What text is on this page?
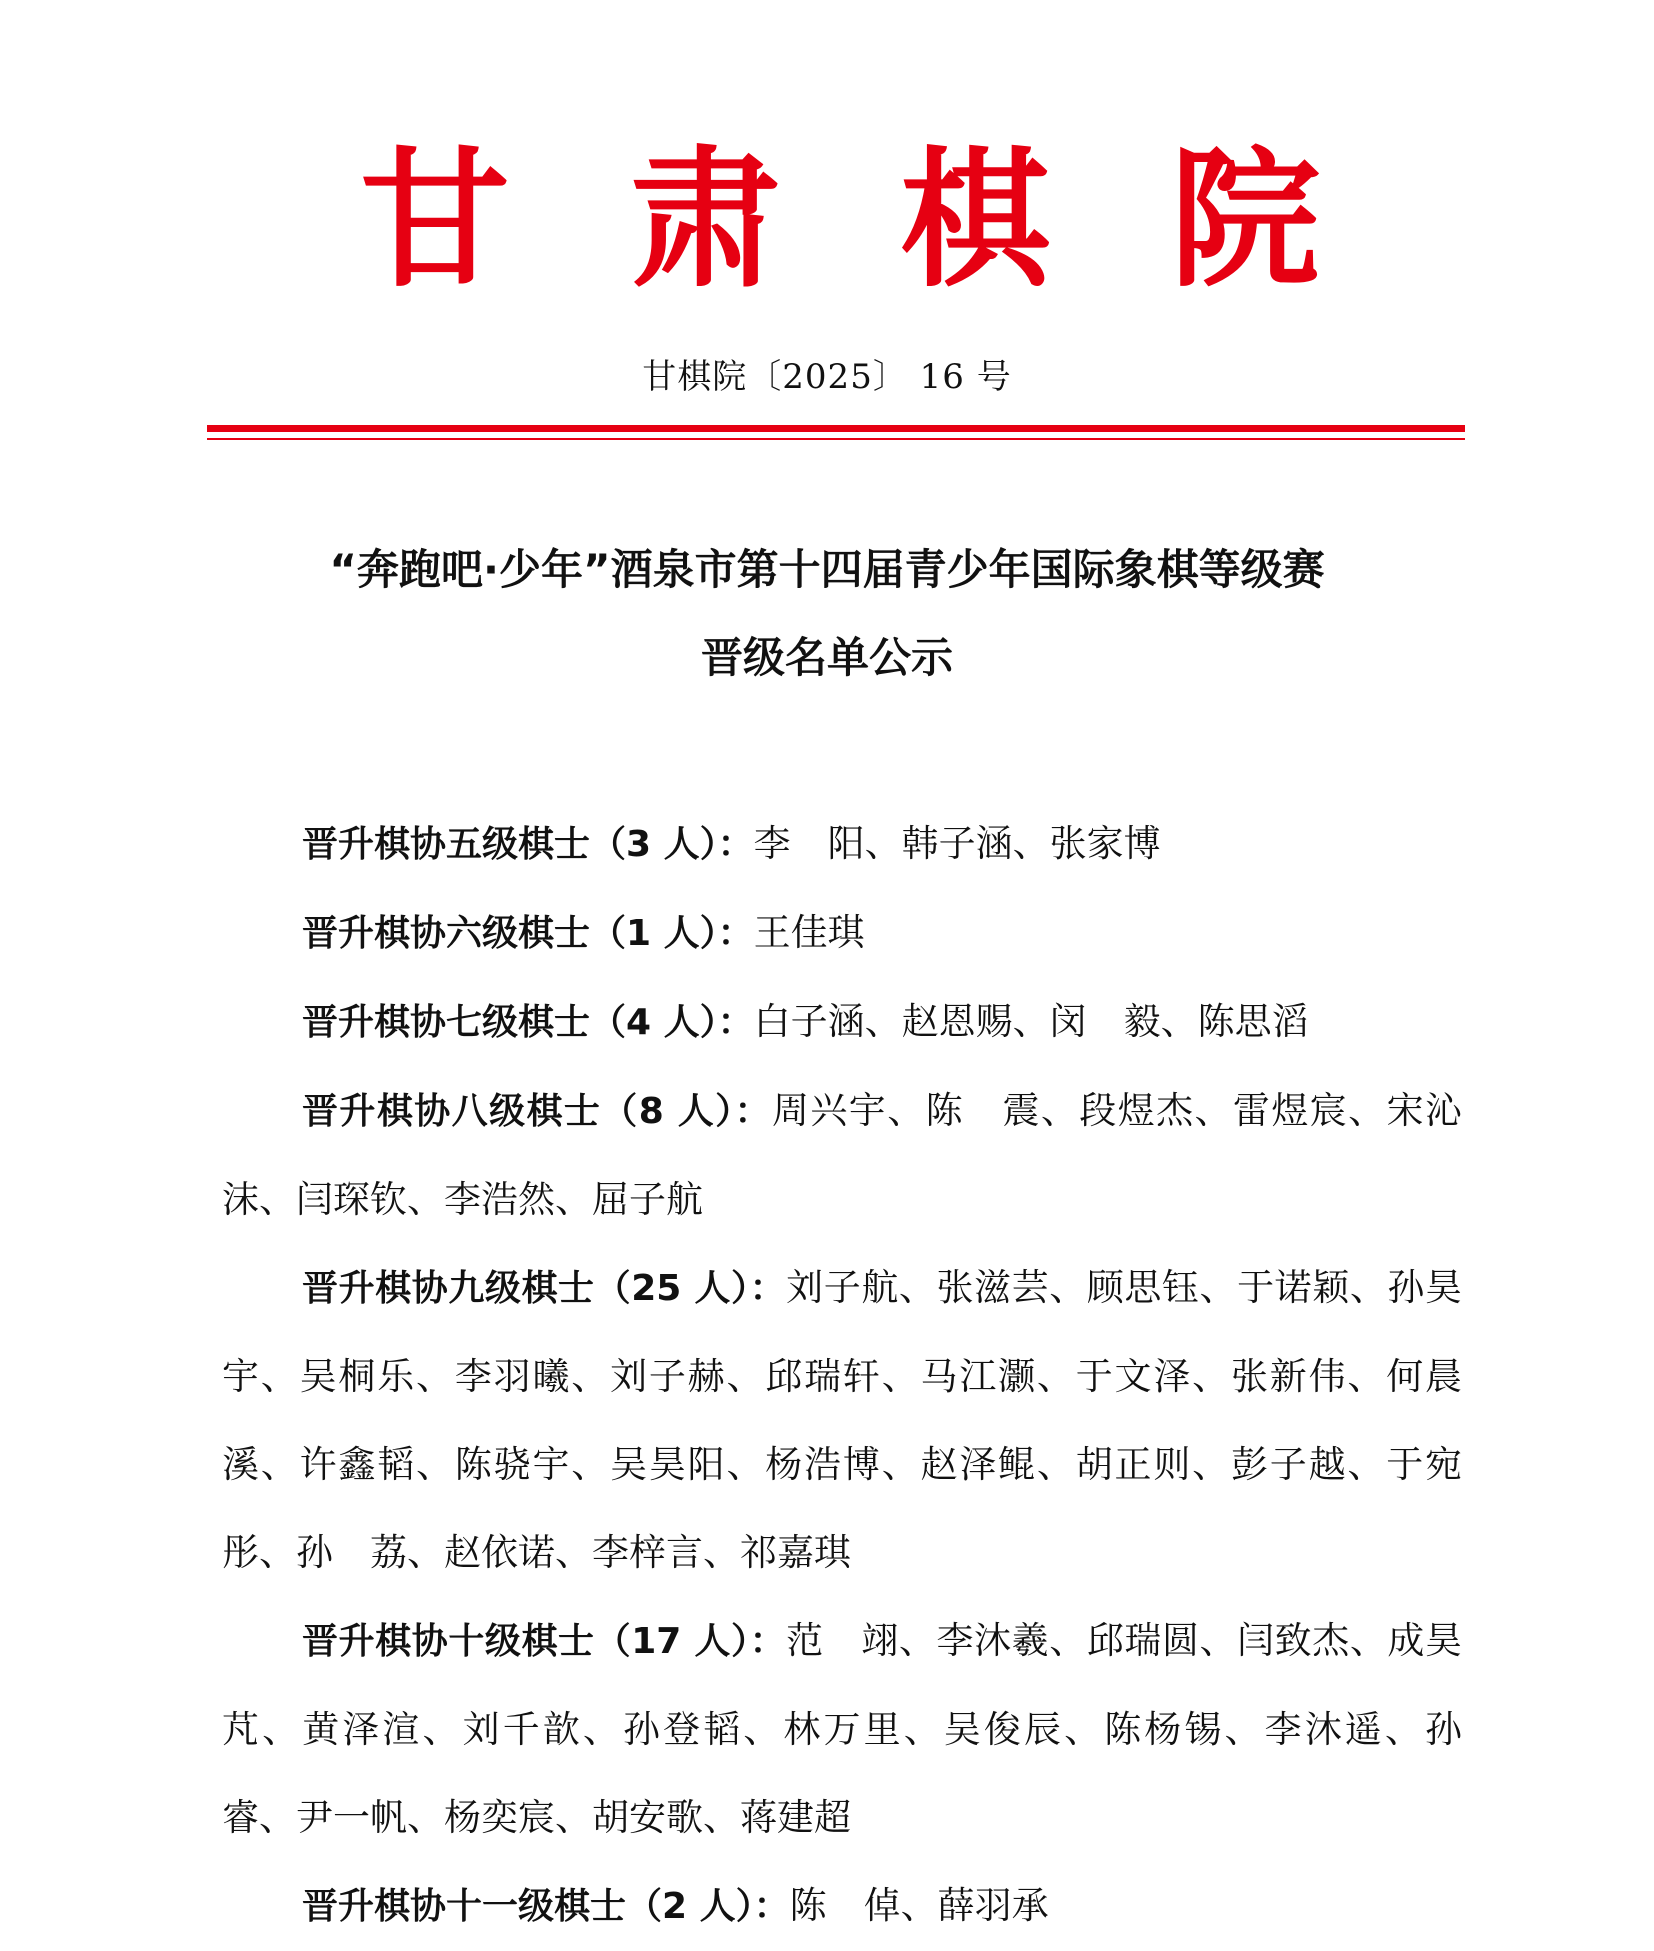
甘 肃 棋 院
甘棋院〔2025〕 16 号
“奔跑吧·少年”酒泉市第十四届青少年国际象棋等级赛
晋级名单公示

晋升棋协五级棋士（3 人）：李　阳、韩子涵、张家博

晋升棋协六级棋士（1 人）：王佳琪

晋升棋协七级棋士（4 人）：白子涵、赵恩赐、闵　毅、陈思滔

晋升棋协八级棋士（8 人）：周兴宇、陈　震、段煜杰、雷煜宸、宋沁沫、闫琛钦、李浩然、屈子航

晋升棋协九级棋士（25 人）：刘子航、张滋芸、顾思钰、于诺颖、孙昊宇、吴桐乐、李羽曦、刘子赫、邱瑞轩、马江灏、于文泽、张新伟、何晨溪、许鑫韬、陈骁宇、吴昊阳、杨浩博、赵泽鲲、胡正则、彭子越、于宛彤、孙　荔、赵依诺、李梓言、祁嘉琪

晋升棋协十级棋士（17 人）：范　翊、李沐羲、邱瑞圆、闫致杰、成昊芃、黄泽渲、刘千歆、孙登韬、林万里、吴俊辰、陈杨锡、李沐遥、孙　睿、尹一帆、杨奕宸、胡安歌、蒋建超

晋升棋协十一级棋士（2 人）：陈　倬、薛羽承
